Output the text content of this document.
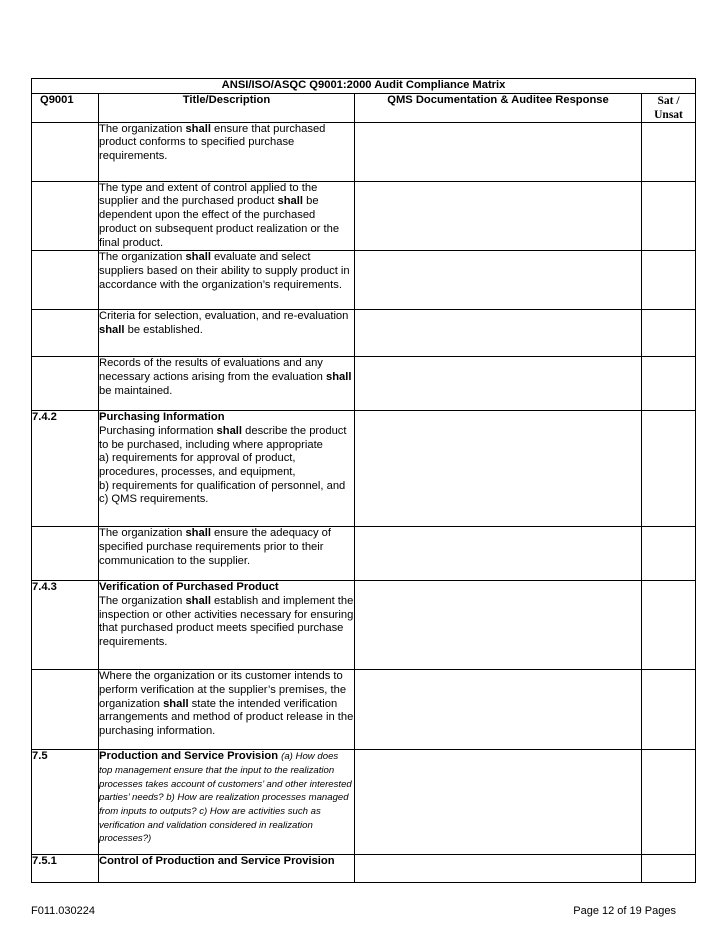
ANSI/ISO/ASQC Q9001:2000 Audit Compliance Matrix			
Q9001	Title/Description	QMS Documentation & Auditee Response	Sat /
Unsat
	The organization shall ensure that purchased product conforms to specified purchase requirements.		
	The type and extent of control applied to the supplier and the purchased product shall be dependent upon the effect of the purchased product on subsequent product realization or the final product.		
	The organization shall evaluate and select suppliers based on their ability to supply product in accordance with the organization’s requirements.		
	Criteria for selection, evaluation, and re-evaluation shall be established.		
	Records of the results of evaluations and any necessary actions arising from the evaluation shall be maintained.		
7.4.2	Purchasing Information
Purchasing information shall describe the product to be purchased, including where appropriate
a) requirements for approval of product, procedures, processes, and equipment,
b) requirements for qualification of personnel, and
c) QMS requirements.		
	The organization shall ensure the adequacy of specified purchase requirements prior to their communication to the supplier.		
7.4.3	Verification of Purchased Product
The organization shall establish and implement the inspection or other activities necessary for ensuring that purchased product meets specified purchase requirements.		
	Where the organization or its customer intends to perform verification at the supplier’s premises, the organization shall state the intended verification arrangements and method of product release in the purchasing information.		
7.5	Production and Service Provision (a) How does top management ensure that the input to the realization processes takes account of customers’ and other interested parties’ needs? b) How are realization processes managed from inputs to outputs? c) How are activities such as verification and validation considered in realization processes?)		
7.5.1	Control of Production and Service Provision

F011.030224	Page 12 of 19 Pages
